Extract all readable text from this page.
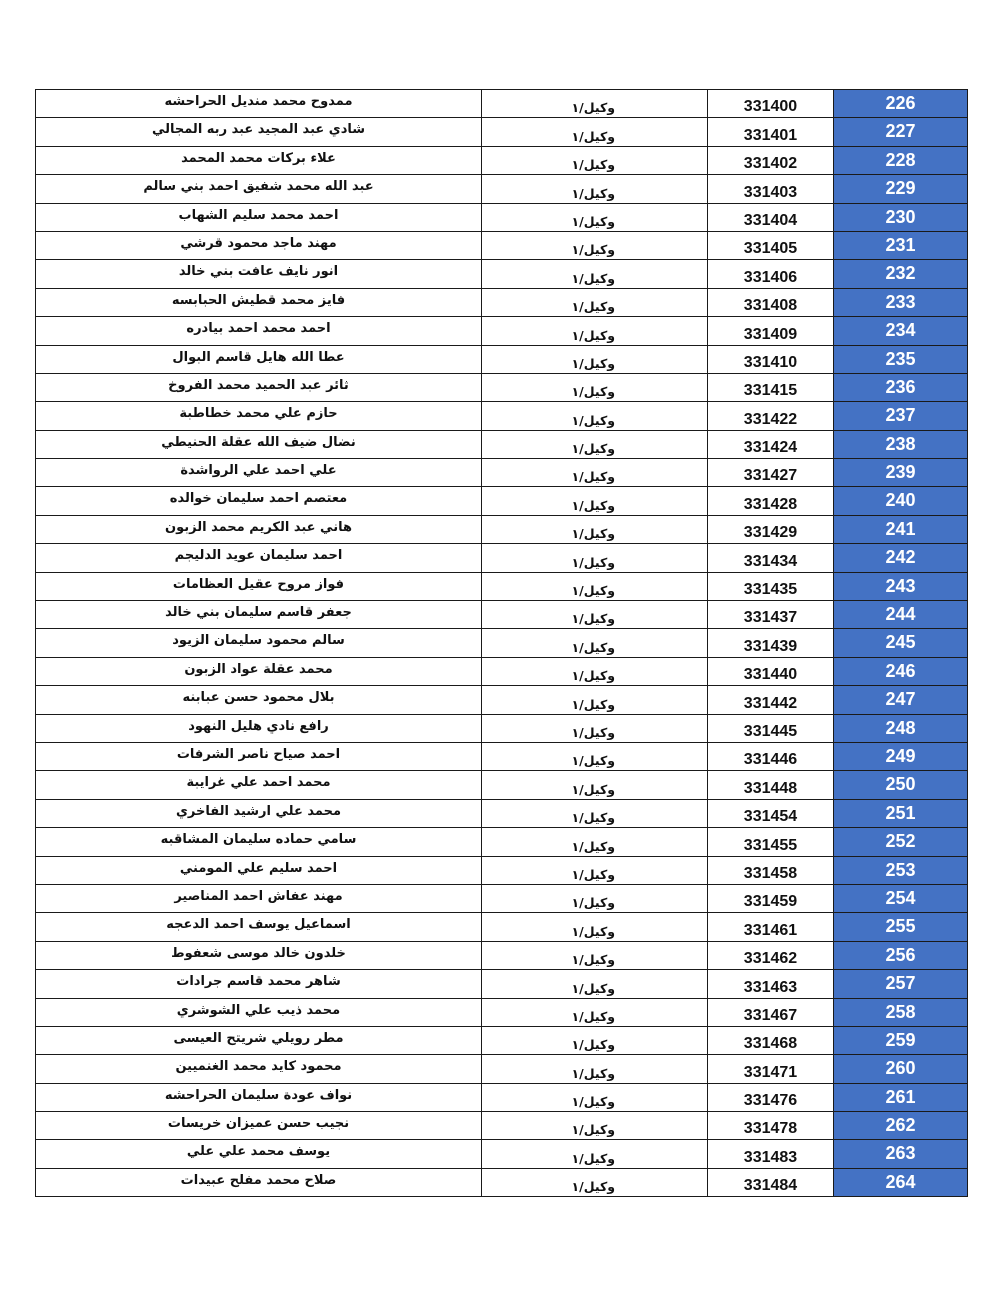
ممدوح محمد منديل الحراحشه	وكيل/١	331400	226
شادي عبد المجيد عبد ربه المجالي	وكيل/١	331401	227
علاء بركات محمد المحمد	وكيل/١	331402	228
عبد الله محمد شفيق احمد بني سالم	وكيل/١	331403	229
احمد محمد سليم الشهاب	وكيل/١	331404	230
مهند ماجد محمود قرشي	وكيل/١	331405	231
انور نايف عافت بني خالد	وكيل/١	331406	232
فايز محمد قطيش الحبابسه	وكيل/١	331408	233
احمد محمد احمد بيادره	وكيل/١	331409	234
عطا الله هايل قاسم البوال	وكيل/١	331410	235
ثائر عبد الحميد محمد الفروخ	وكيل/١	331415	236
حازم علي محمد خطاطبة	وكيل/١	331422	237
نضال ضيف الله عقلة الحنيطي	وكيل/١	331424	238
علي احمد علي الرواشدة	وكيل/١	331427	239
معتصم احمد سليمان خوالده	وكيل/١	331428	240
هاني عبد الكريم محمد الزبون	وكيل/١	331429	241
احمد سليمان عويد الدليجم	وكيل/١	331434	242
فواز مروح عقيل العظامات	وكيل/١	331435	243
جعفر قاسم سليمان بني خالد	وكيل/١	331437	244
سالم محمود سليمان الزيود	وكيل/١	331439	245
محمد عقلة عواد الزبون	وكيل/١	331440	246
بلال محمود حسن عبابنه	وكيل/١	331442	247
رافع نادي هليل النهود	وكيل/١	331445	248
احمد صياح ناصر الشرفات	وكيل/١	331446	249
محمد احمد علي غرايبة	وكيل/١	331448	250
محمد علي ارشيد الفاخري	وكيل/١	331454	251
سامي حماده سليمان المشاقبه	وكيل/١	331455	252
احمد سليم علي المومني	وكيل/١	331458	253
مهند عفاش احمد المناصير	وكيل/١	331459	254
اسماعيل يوسف احمد الدعجه	وكيل/١	331461	255
خلدون خالد موسى شعفوط	وكيل/١	331462	256
شاهر محمد قاسم جرادات	وكيل/١	331463	257
محمد ذيب علي الشوشري	وكيل/١	331467	258
مطر رويلي شريتح العيسى	وكيل/١	331468	259
محمود كايد محمد الغنميين	وكيل/١	331471	260
نواف عودة سليمان الحراحشه	وكيل/١	331476	261
نجيب حسن عميزان خريسات	وكيل/١	331478	262
يوسف محمد علي علي	وكيل/١	331483	263
صلاح محمد مفلح عبيدات	وكيل/١	331484	264
